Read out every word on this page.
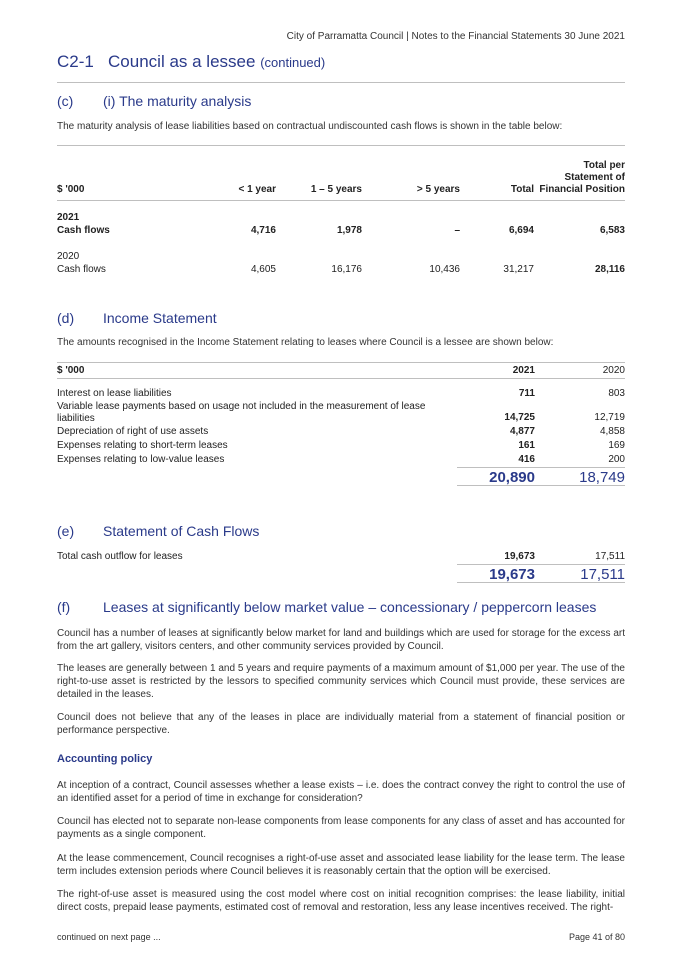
City of Parramatta Council | Notes to the Financial Statements 30 June 2021
C2-1 Council as a lessee (continued)
(c) (i) The maturity analysis
The maturity analysis of lease liabilities based on contractual undiscounted cash flows is shown in the table below:
$ '000	< 1 year	1 – 5 years	> 5 years	Total	Total per Statement of Financial Position

2021					
Cash flows	4,716	1,978	–	6,694	6,583
2020					
Cash flows	4,605	16,176	10,436	31,217	28,116
(d) Income Statement
The amounts recognised in the Income Statement relating to leases where Council is a lessee are shown below:
$ '000	2021	2020
Interest on lease liabilities	711	803
Variable lease payments based on usage not included in the measurement of lease liabilities	14,725	12,719
Depreciation of right of use assets	4,877	4,858
Expenses relating to short-term leases	161	169
Expenses relating to low-value leases	416	200
	20,890	18,749
(e) Statement of Cash Flows
Total cash outflow for leases	19,673	17,511
	19,673	17,511
(f) Leases at significantly below market value – concessionary / peppercorn leases
Council has a number of leases at significantly below market for land and buildings which are used for storage for the excess art from the art gallery, visitors centers, and other community services provided by Council.
The leases are generally between 1 and 5 years and require payments of a maximum amount of $1,000 per year. The use of the right-to-use asset is restricted by the lessors to specified community services which Council must provide, these services are detailed in the leases.
Council does not believe that any of the leases in place are individually material from a statement of financial position or performance perspective.
Accounting policy
At inception of a contract, Council assesses whether a lease exists – i.e. does the contract convey the right to control the use of an identified asset for a period of time in exchange for consideration?
Council has elected not to separate non-lease components from lease components for any class of asset and has accounted for payments as a single component.
At the lease commencement, Council recognises a right-of-use asset and associated lease liability for the lease term. The lease term includes extension periods where Council believes it is reasonably certain that the option will be exercised.
The right-of-use asset is measured using the cost model where cost on initial recognition comprises: the lease liability, initial direct costs, prepaid lease payments, estimated cost of removal and restoration, less any lease incentives received. The right-
continued on next page ...	Page 41 of 80
